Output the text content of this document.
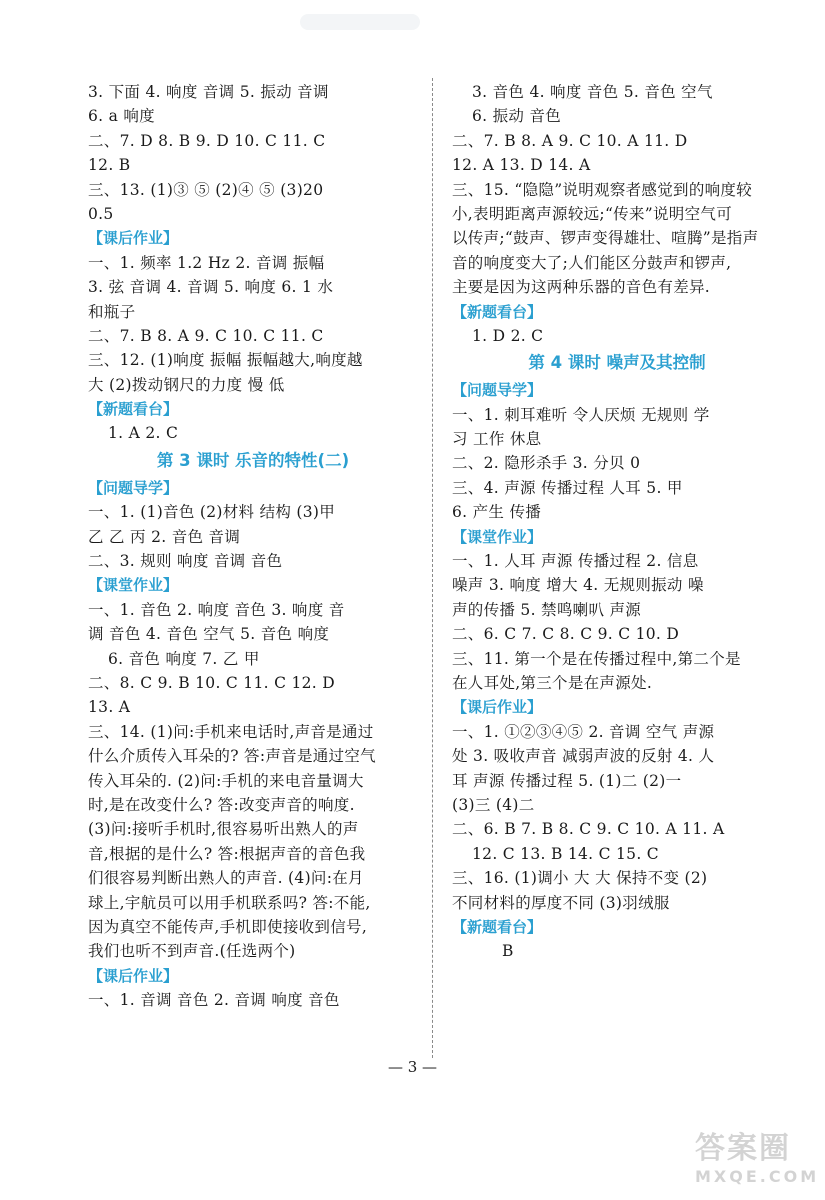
3. 下面 4. 响度 音调 5. 振动 音调
6. a 响度
二、7. D 8. B 9. D 10. C 11. C
12. B
三、13. (1)③ ⑤ (2)④ ⑤ (3)20
0.5
【课后作业】
一、1. 频率 1.2 Hz 2. 音调 振幅
3. 弦 音调 4. 音调 5. 响度 6. 1 水
和瓶子
二、7. B 8. A 9. C 10. C 11. C
三、12. (1)响度 振幅 振幅越大,响度越
大 (2)拨动钢尺的力度 慢 低
【新题看台】
1. A 2. C
第 3 课时 乐音的特性(二)
【问题导学】
一、1. (1)音色 (2)材料 结构 (3)甲
乙 乙 丙 2. 音色 音调
二、3. 规则 响度 音调 音色
【课堂作业】
一、1. 音色 2. 响度 音色 3. 响度 音
调 音色 4. 音色 空气 5. 音色 响度
6. 音色 响度 7. 乙 甲
二、8. C 9. B 10. C 11. C 12. D
13. A
三、14. (1)问:手机来电话时,声音是通过
什么介质传入耳朵的? 答:声音是通过空气
传入耳朵的. (2)问:手机的来电音量调大
时,是在改变什么? 答:改变声音的响度.
(3)问:接听手机时,很容易听出熟人的声
音,根据的是什么? 答:根据声音的音色我
们很容易判断出熟人的声音. (4)问:在月
球上,宇航员可以用手机联系吗? 答:不能,
因为真空不能传声,手机即使接收到信号,
我们也听不到声音.(任选两个)
【课后作业】
一、1. 音调 音色 2. 音调 响度 音色
3. 音色 4. 响度 音色 5. 音色 空气
6. 振动 音色
二、7. B 8. A 9. C 10. A 11. D
12. A 13. D 14. A
三、15. “隐隐”说明观察者感觉到的响度较
小,表明距离声源较远;“传来”说明空气可
以传声;“鼓声、锣声变得雄壮、喧腾”是指声
音的响度变大了;人们能区分鼓声和锣声,
主要是因为这两种乐器的音色有差异.
【新题看台】
1. D 2. C
第 4 课时 噪声及其控制
【问题导学】
一、1. 刺耳难听 令人厌烦 无规则 学
习 工作 休息
二、2. 隐形杀手 3. 分贝 0
三、4. 声源 传播过程 人耳 5. 甲
6. 产生 传播
【课堂作业】
一、1. 人耳 声源 传播过程 2. 信息
噪声 3. 响度 增大 4. 无规则振动 噪
声的传播 5. 禁鸣喇叭 声源
二、6. C 7. C 8. C 9. C 10. D
三、11. 第一个是在传播过程中,第二个是
在人耳处,第三个是在声源处.
【课后作业】
一、1. ①②③④⑤ 2. 音调 空气 声源
处 3. 吸收声音 减弱声波的反射 4. 人
耳 声源 传播过程 5. (1)二 (2)一
(3)三 (4)二
二、6. B 7. B 8. C 9. C 10. A 11. A
12. C 13. B 14. C 15. C
三、16. (1)调小 大 大 保持不变 (2)
不同材料的厚度不同 (3)羽绒服
【新题看台】
B
— 3 —
答案圈
MXQE.COM
